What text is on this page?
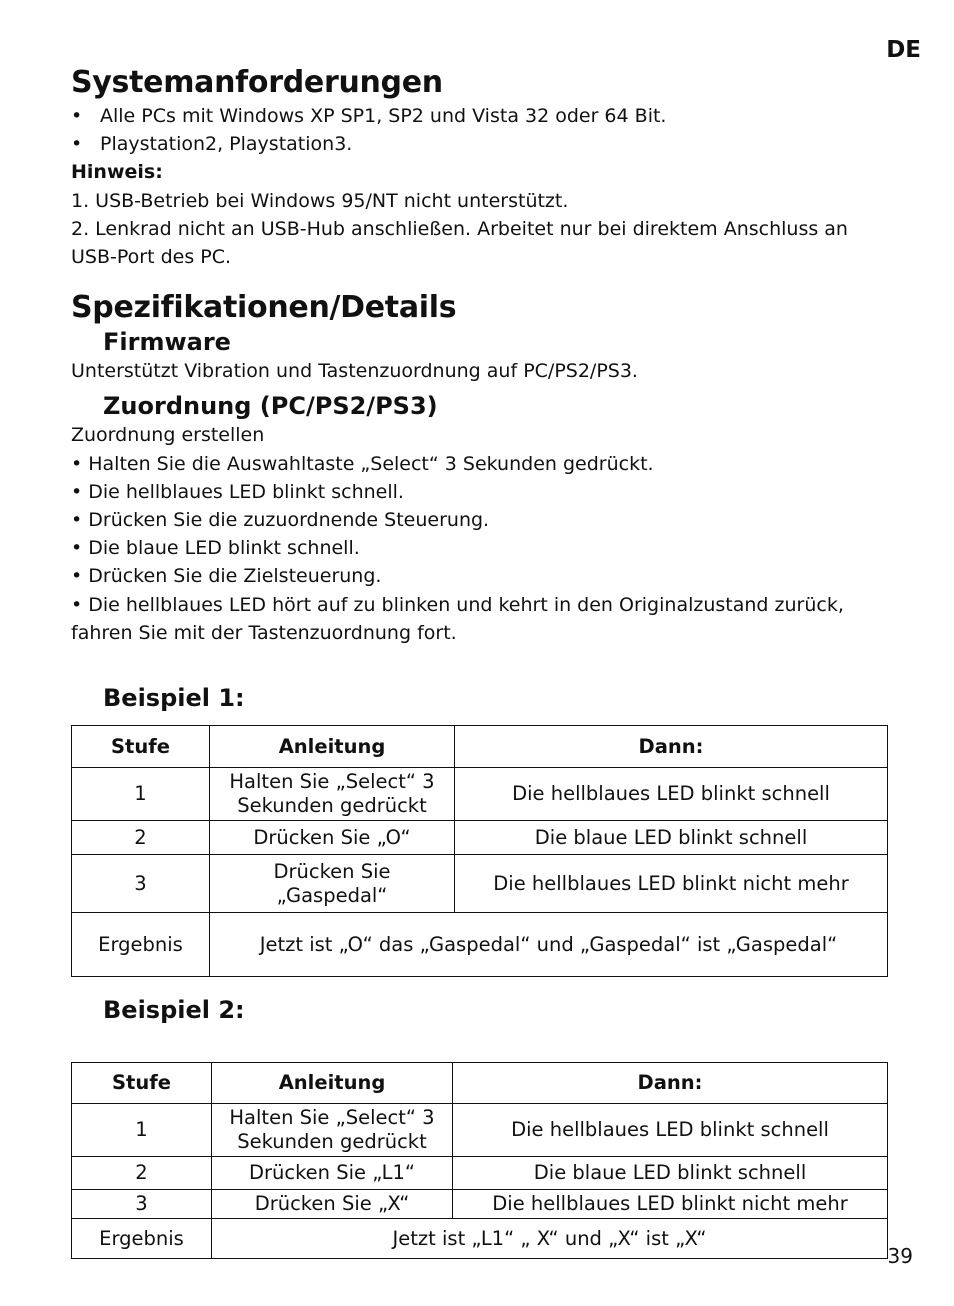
DE
Systemanforderungen
• Alle PCs mit Windows XP SP1, SP2 und Vista 32 oder 64 Bit.
• Playstation2, Playstation3.

Hinweis:

1. USB-Betrieb bei Windows 95/NT nicht unterstützt.

2. Lenkrad nicht an USB-Hub anschließen. Arbeitet nur bei direktem Anschluss an USB-Port des PC.

Spezifikationen/Details
Firmware

Unterstützt Vibration und Tastenzuordnung auf PC/PS2/PS3.

Zuordnung (PC/PS2/PS3)

Zuordnung erstellen

• Halten Sie die Auswahltaste „Select“ 3 Sekunden gedrückt.

• Die hellblaues LED blinkt schnell.

• Drücken Sie die zuzuordnende Steuerung.

• Die blaue LED blinkt schnell.

• Drücken Sie die Zielsteuerung.

• Die hellblaues LED hört auf zu blinken und kehrt in den Originalzustand zurück, fahren Sie mit der Tastenzuordnung fort.

Beispiel 1:
Stufe	Anleitung	Dann:
1	Halten Sie „Select“ 3 Sekunden gedrückt	Die hellblaues LED blinkt schnell
2	Drücken Sie „O“	Die blaue LED blinkt schnell
3	Drücken Sie „Gaspedal“	Die hellblaues LED blinkt nicht mehr
Ergebnis	Jetzt ist „O“ das „Gaspedal“ und „Gaspedal“ ist „Gaspedal“	
Beispiel 2:
Stufe	Anleitung	Dann:
1	Halten Sie „Select“ 3 Sekunden gedrückt	Die hellblaues LED blinkt schnell
2	Drücken Sie „L1“	Die blaue LED blinkt schnell
3	Drücken Sie „X“	Die hellblaues LED blinkt nicht mehr
Ergebnis	Jetzt ist „L1“ „ X“ und „X“ ist „X“	
39
